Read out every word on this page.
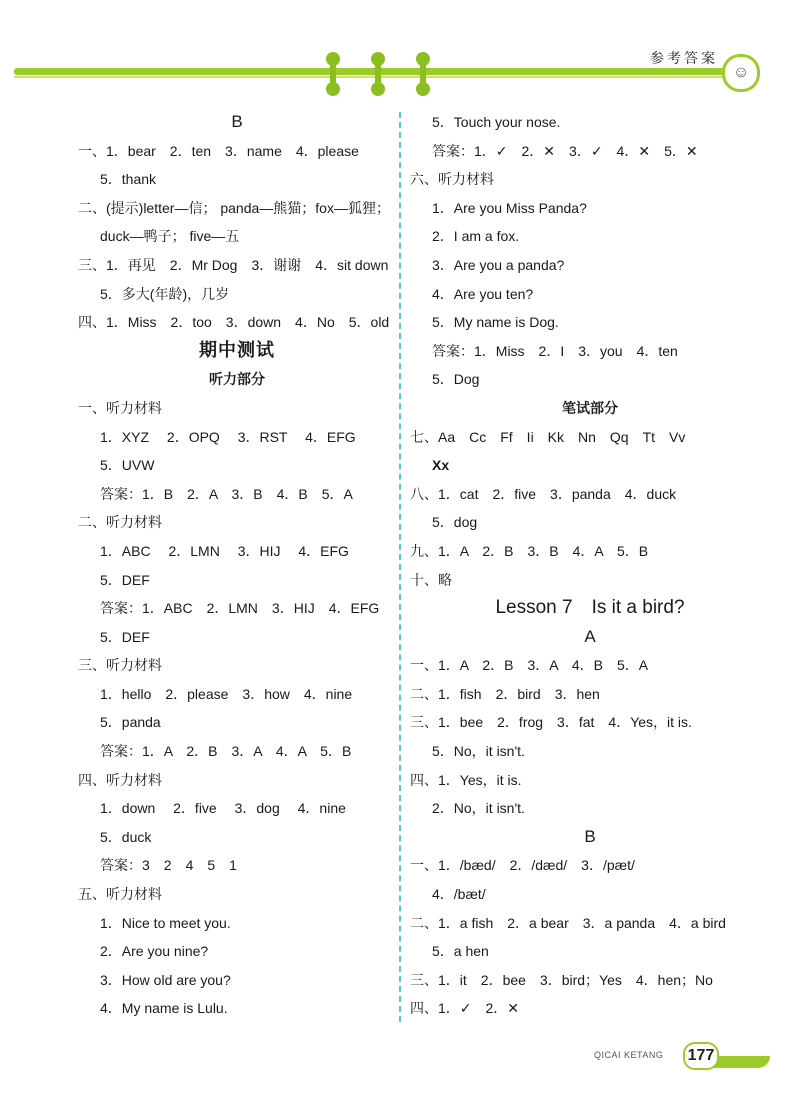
参考答案
☺
B
一、1．bear　2．ten　3．name　4．please
5．thank
二、(提示)letter—信； panda—熊猫；fox—狐狸；
duck—鸭子； five—五
三、1．再见　2．Mr Dog　3．谢谢　4．sit down
5．多大(年龄)，几岁
四、1．Miss　2．too　3．down　4．No　5．old
期中测试
听力部分
一、听力材料
1．XYZ　 2．OPQ　 3．RST　 4．EFG
5．UVW
答案：1．B　2．A　3．B　4．B　5．A
二、听力材料
1．ABC　 2．LMN　 3．HIJ　 4．EFG
5．DEF
答案：1．ABC　2．LMN　3．HIJ　4．EFG
5．DEF
三、听力材料
1．hello　2．please　3．how　4．nine
5．panda
答案：1．A　2．B　3．A　4．A　5．B
四、听力材料
1．down　 2．five　 3．dog　 4．nine
5．duck
答案：3　2　4　5　1
五、听力材料
1．Nice to meet you.
2．Are you nine?
3．How old are you?
4．My name is Lulu.
5．Touch your nose.
答案：1．✓　2．✕　3．✓　4．✕　5．✕
六、听力材料
1．Are you Miss Panda?
2．I am a fox.
3．Are you a panda?
4．Are you ten?
5．My name is Dog.
答案：1．Miss　2．I　3．you　4．ten
5．Dog
笔试部分
七、Aa　Cc　Ff　Ii　Kk　Nn　Qq　Tt　Vv
Xx
八、1．cat　2．five　3．panda　4．duck
5．dog
九、1．A　2．B　3．B　4．A　5．B
十、略
Lesson 7　Is it a bird?
A
一、1．A　2．B　3．A　4．B　5．A
二、1．fish　2．bird　3．hen
三、1．bee　2．frog　3．fat　4．Yes，it is.
5．No，it isn't.
四、1．Yes，it is.
2．No，it isn't.
B
一、1．/bæd/　2．/dæd/　3．/pæt/
4．/bæt/
二、1．a fish　2．a bear　3．a panda　4．a bird
5．a hen
三、1．it　2．bee　3．bird；Yes　4．hen；No
四、1．✓　2．✕
QICAI KETANG 177
